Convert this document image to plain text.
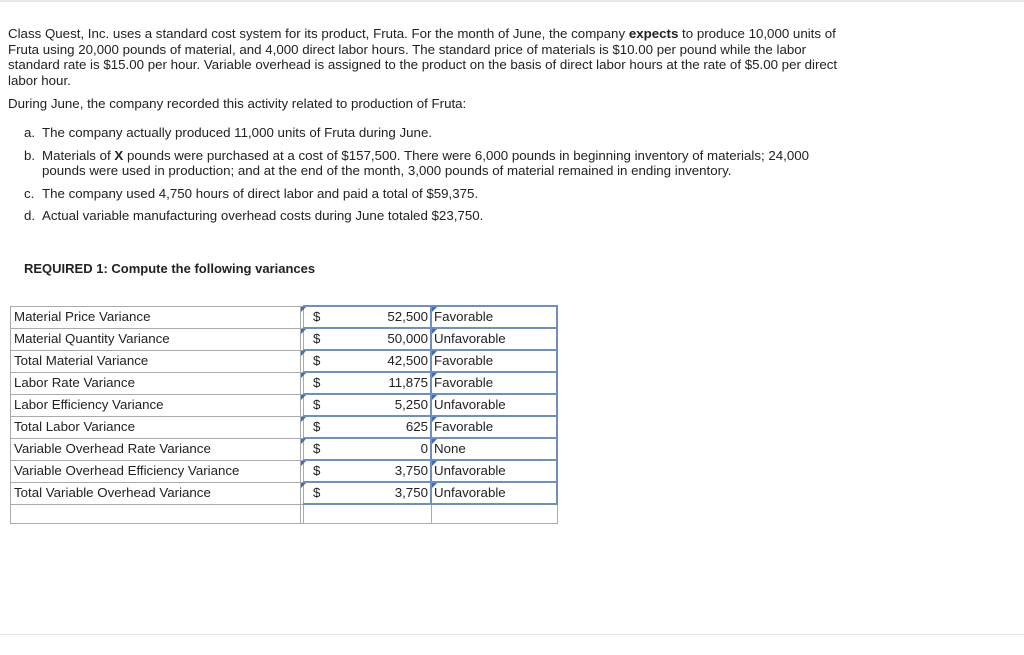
Class Quest, Inc. uses a standard cost system for its product, Fruta. For the month of June, the company expects to produce 10,000 units of Fruta using 20,000 pounds of material, and 4,000 direct labor hours. The standard price of materials is $10.00 per pound while the labor standard rate is $15.00 per hour. Variable overhead is assigned to the product on the basis of direct labor hours at the rate of $5.00 per direct labor hour.

During June, the company recorded this activity related to production of Fruta:

a. The company actually produced 11,000 units of Fruta during June.
b. Materials of X pounds were purchased at a cost of $157,500. There were 6,000 pounds in beginning inventory of materials; 24,000 pounds were used in production; and at the end of the month, 3,000 pounds of material remained in ending inventory.
c. The company used 4,750 hours of direct labor and paid a total of $59,375.
d. Actual variable manufacturing overhead costs during June totaled $23,750.

REQUIRED 1: Compute the following variances

Material Price Variance	$	52,500	Favorable
Material Quantity Variance	$	50,000	Unfavorable
Total Material Variance	$	42,500	Favorable
Labor Rate Variance	$	11,875	Favorable
Labor Efficiency Variance	$	5,250	Unfavorable
Total Labor Variance	$	625	Favorable
Variable Overhead Rate Variance	$	0	None
Variable Overhead Efficiency Variance	$	3,750	Unfavorable
Total Variable Overhead Variance	$	3,750	Unfavorable
